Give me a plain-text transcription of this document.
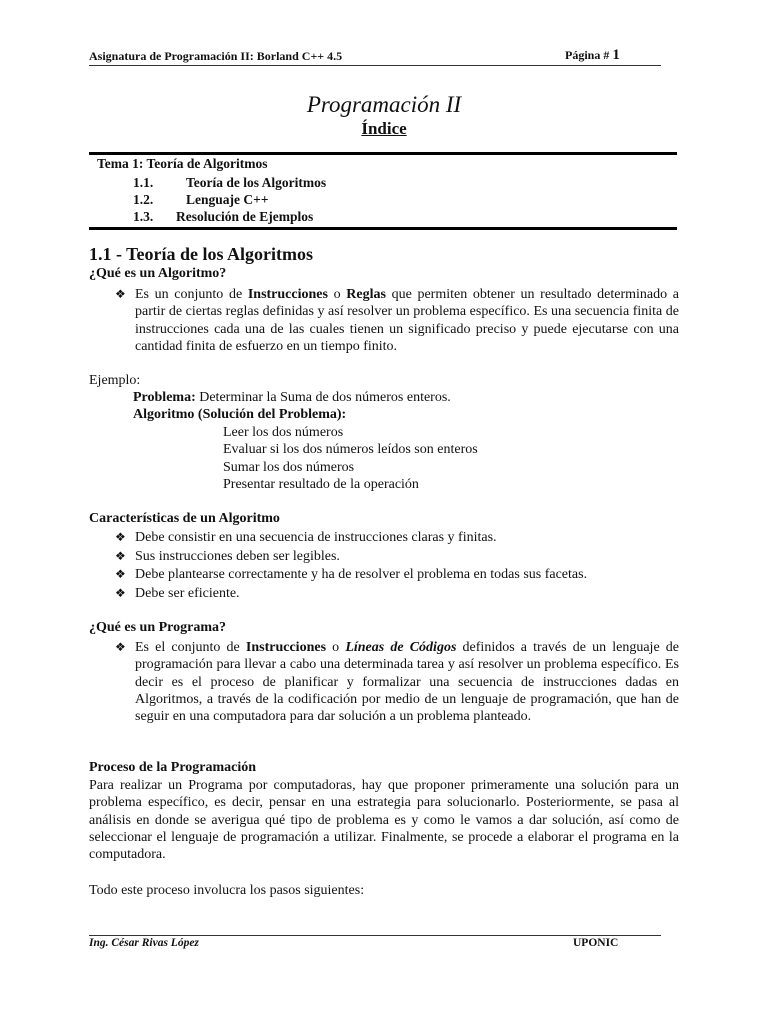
Asignatura de Programación II: Borland C++ 4.5	Página # 1
Programación II
Índice
Tema 1: Teoría de Algoritmos
1.1. Teoría de los Algoritmos
1.2. Lenguaje C++
1.3. Resolución de Ejemplos
1.1 - Teoría de los Algoritmos
¿Qué es un Algoritmo?
❖ Es un conjunto de Instrucciones o Reglas que permiten obtener un resultado determinado a partir de ciertas reglas definidas y así resolver un problema específico. Es una secuencia finita de instrucciones cada una de las cuales tienen un significado preciso y puede ejecutarse con una cantidad finita de esfuerzo en un tiempo finito.
Ejemplo:
Problema: Determinar la Suma de dos números enteros.
Algoritmo (Solución del Problema):
Leer los dos números
Evaluar si los dos números leídos son enteros
Sumar los dos números
Presentar resultado de la operación
Características de un Algoritmo
❖ Debe consistir en una secuencia de instrucciones claras y finitas.
❖ Sus instrucciones deben ser legibles.
❖ Debe plantearse correctamente y ha de resolver el problema en todas sus facetas.
❖ Debe ser eficiente.
¿Qué es un Programa?
❖ Es el conjunto de Instrucciones o Líneas de Códigos definidos a través de un lenguaje de programación para llevar a cabo una determinada tarea y así resolver un problema específico. Es decir es el proceso de planificar y formalizar una secuencia de instrucciones dadas en Algoritmos, a través de la codificación por medio de un lenguaje de programación, que han de seguir en una computadora para dar solución a un problema planteado.
Proceso de la Programación
Para realizar un Programa por computadoras, hay que proponer primeramente una solución para un problema específico, es decir, pensar en una estrategia para solucionarlo. Posteriormente, se pasa al análisis en donde se averigua qué tipo de problema es y como le vamos a dar solución, así como de seleccionar el lenguaje de programación a utilizar. Finalmente, se procede a elaborar el programa en la computadora.
Todo este proceso involucra los pasos siguientes:
Ing. César Rivas López	UPONIC
